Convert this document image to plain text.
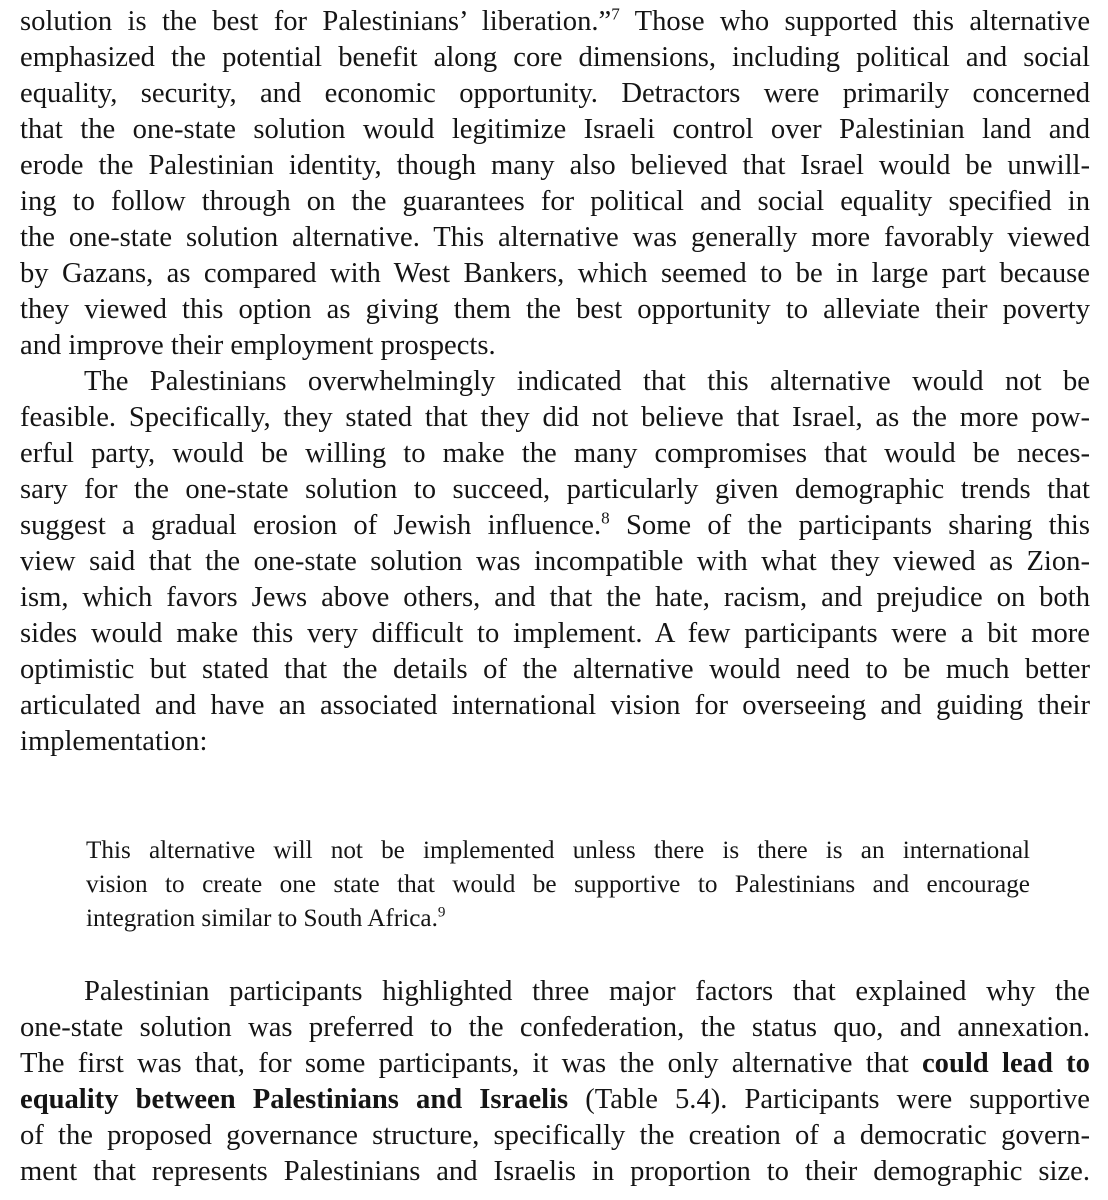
solution is the best for Palestinians’ liberation.”$^7$ Those who supported this alternative
emphasized the potential benefit along core dimensions, including political and social
equality, security, and economic opportunity. Detractors were primarily concerned
that the one-state solution would legitimize Israeli control over Palestinian land and
erode the Palestinian identity, though many also believed that Israel would be unwill-
ing to follow through on the guarantees for political and social equality specified in
the one-state solution alternative. This alternative was generally more favorably viewed
by Gazans, as compared with West Bankers, which seemed to be in large part because
they viewed this option as giving them the best opportunity to alleviate their poverty
and improve their employment prospects.
The Palestinians overwhelmingly indicated that this alternative would not be
feasible. Specifically, they stated that they did not believe that Israel, as the more pow-
erful party, would be willing to make the many compromises that would be neces-
sary for the one-state solution to succeed, particularly given demographic trends that
suggest a gradual erosion of Jewish influence.$^8$ Some of the participants sharing this
view said that the one-state solution was incompatible with what they viewed as Zion-
ism, which favors Jews above others, and that the hate, racism, and prejudice on both
sides would make this very difficult to implement. A few participants were a bit more
optimistic but stated that the details of the alternative would need to be much better
articulated and have an associated international vision for overseeing and guiding their
implementation:
This alternative will not be implemented unless there is there is an international
vision to create one state that would be supportive to Palestinians and encourage
integration similar to South Africa.$^9$
Palestinian participants highlighted three major factors that explained why the
one-state solution was preferred to the confederation, the status quo, and annexation.
The first was that, for some participants, it was the only alternative that could lead to
equality between Palestinians and Israelis (Table 5.4). Participants were supportive
of the proposed governance structure, specifically the creation of a democratic govern-
ment that represents Palestinians and Israelis in proportion to their demographic size.
